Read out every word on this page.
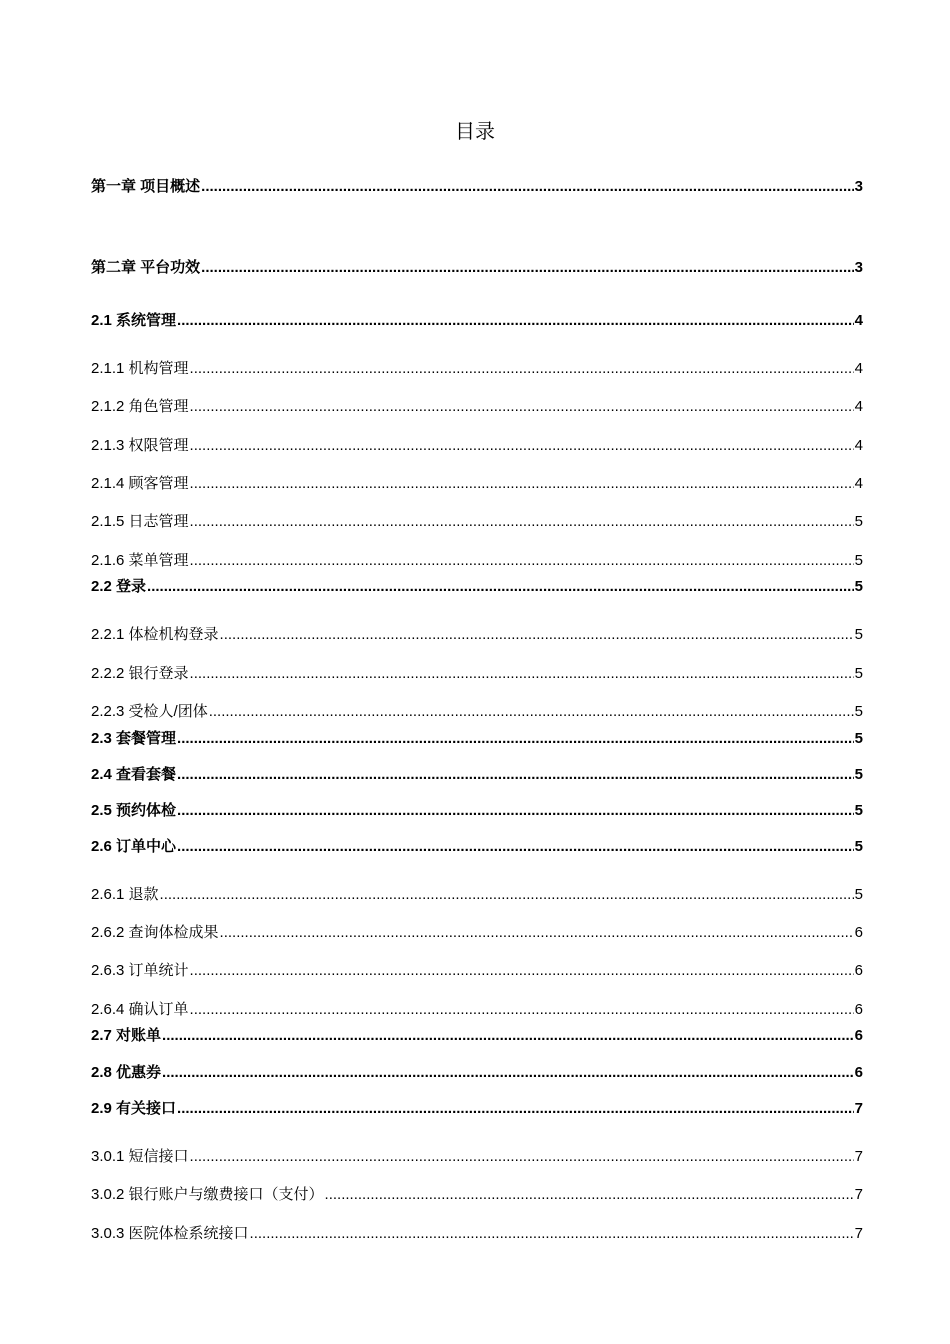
目录
第一章 项目概述 .....	3
第二章 平台功效 .....	3
2.1 系统管理 .....	4
2.1.1 机构管理 .....	4
2.1.2 角色管理 .....	4
2.1.3 权限管理 .....	4
2.1.4 顾客管理 .....	4
2.1.5 日志管理 .....	5
2.1.6 菜单管理 .....	5
2.2 登录 .....	5
2.2.1 体检机构登录 .....	5
2.2.2 银行登录 .....	5
2.2.3 受检人/团体 .....	5
2.3 套餐管理 .....	5
2.4 查看套餐 .....	5
2.5 预约体检 .....	5
2.6 订单中心 .....	5
2.6.1 退款 .....	5
2.6.2 查询体检成果 .....	6
2.6.3 订单统计 .....	6
2.6.4 确认订单 .....	6
2.7 对账单 .....	6
2.8 优惠券 .....	6
2.9 有关接口 .....	7
3.0.1 短信接口 .....	7
3.0.2 银行账户与缴费接口（支付） .....	7
3.0.3 医院体检系统接口 .....	7
